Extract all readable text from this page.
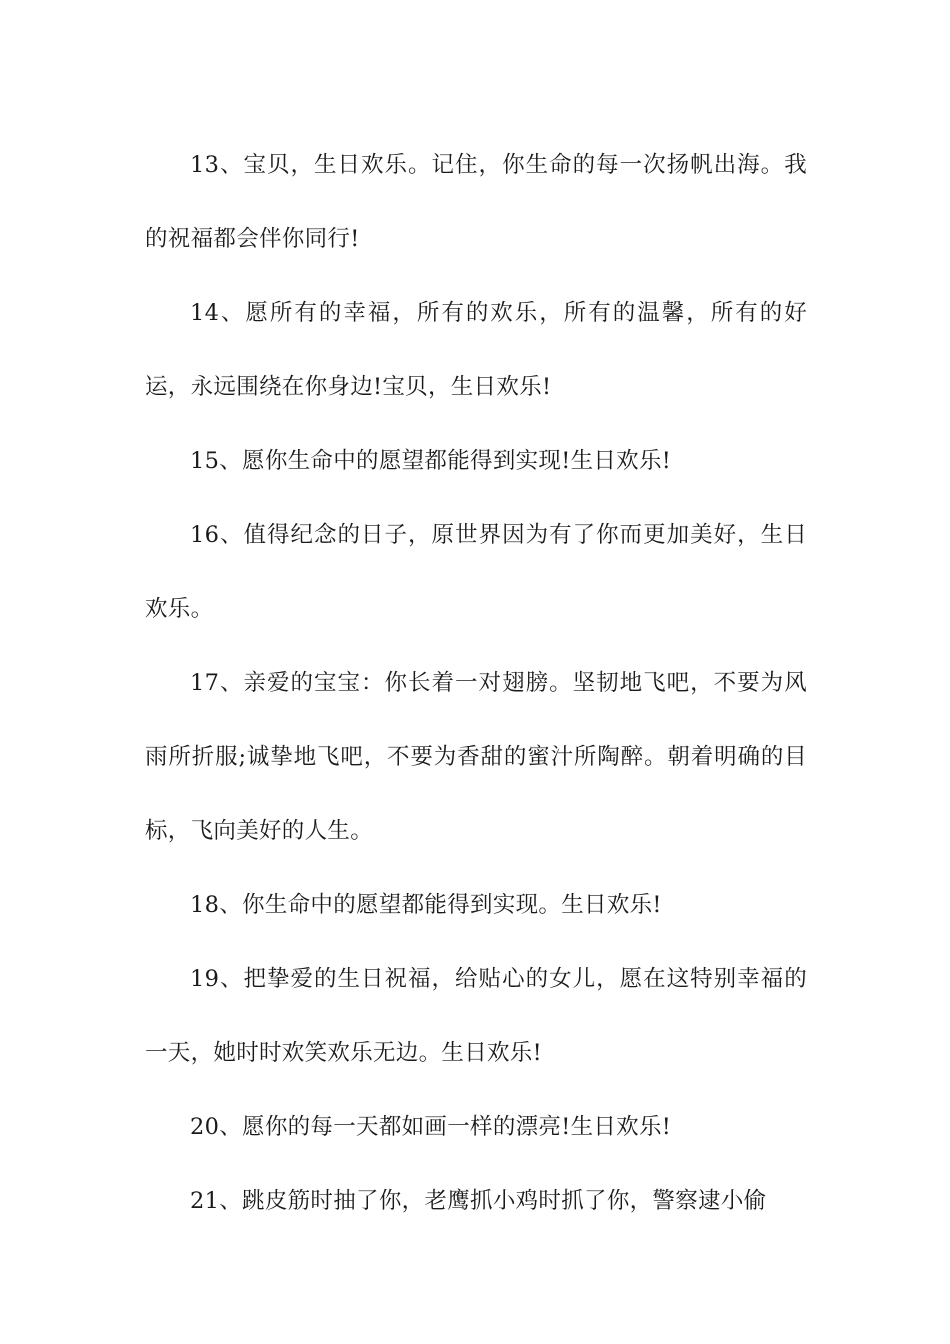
13、宝贝，生日欢乐。记住，你生命的每一次扬帆出海。我的祝福都会伴你同行!

14、愿所有的幸福，所有的欢乐，所有的温馨，所有的好运，永远围绕在你身边!宝贝，生日欢乐!

15、愿你生命中的愿望都能得到实现!生日欢乐!

16、值得纪念的日子，原世界因为有了你而更加美好，生日欢乐。

17、亲爱的宝宝：你长着一对翅膀。坚韧地飞吧，不要为风雨所折服;诚挚地飞吧，不要为香甜的蜜汁所陶醉。朝着明确的目标，飞向美好的人生。

18、你生命中的愿望都能得到实现。生日欢乐!

19、把挚爱的生日祝福，给贴心的女儿，愿在这特别幸福的一天，她时时欢笑欢乐无边。生日欢乐!

20、愿你的每一天都如画一样的漂亮!生日欢乐!

21、跳皮筋时抽了你，老鹰抓小鸡时抓了你，警察逮小偷
